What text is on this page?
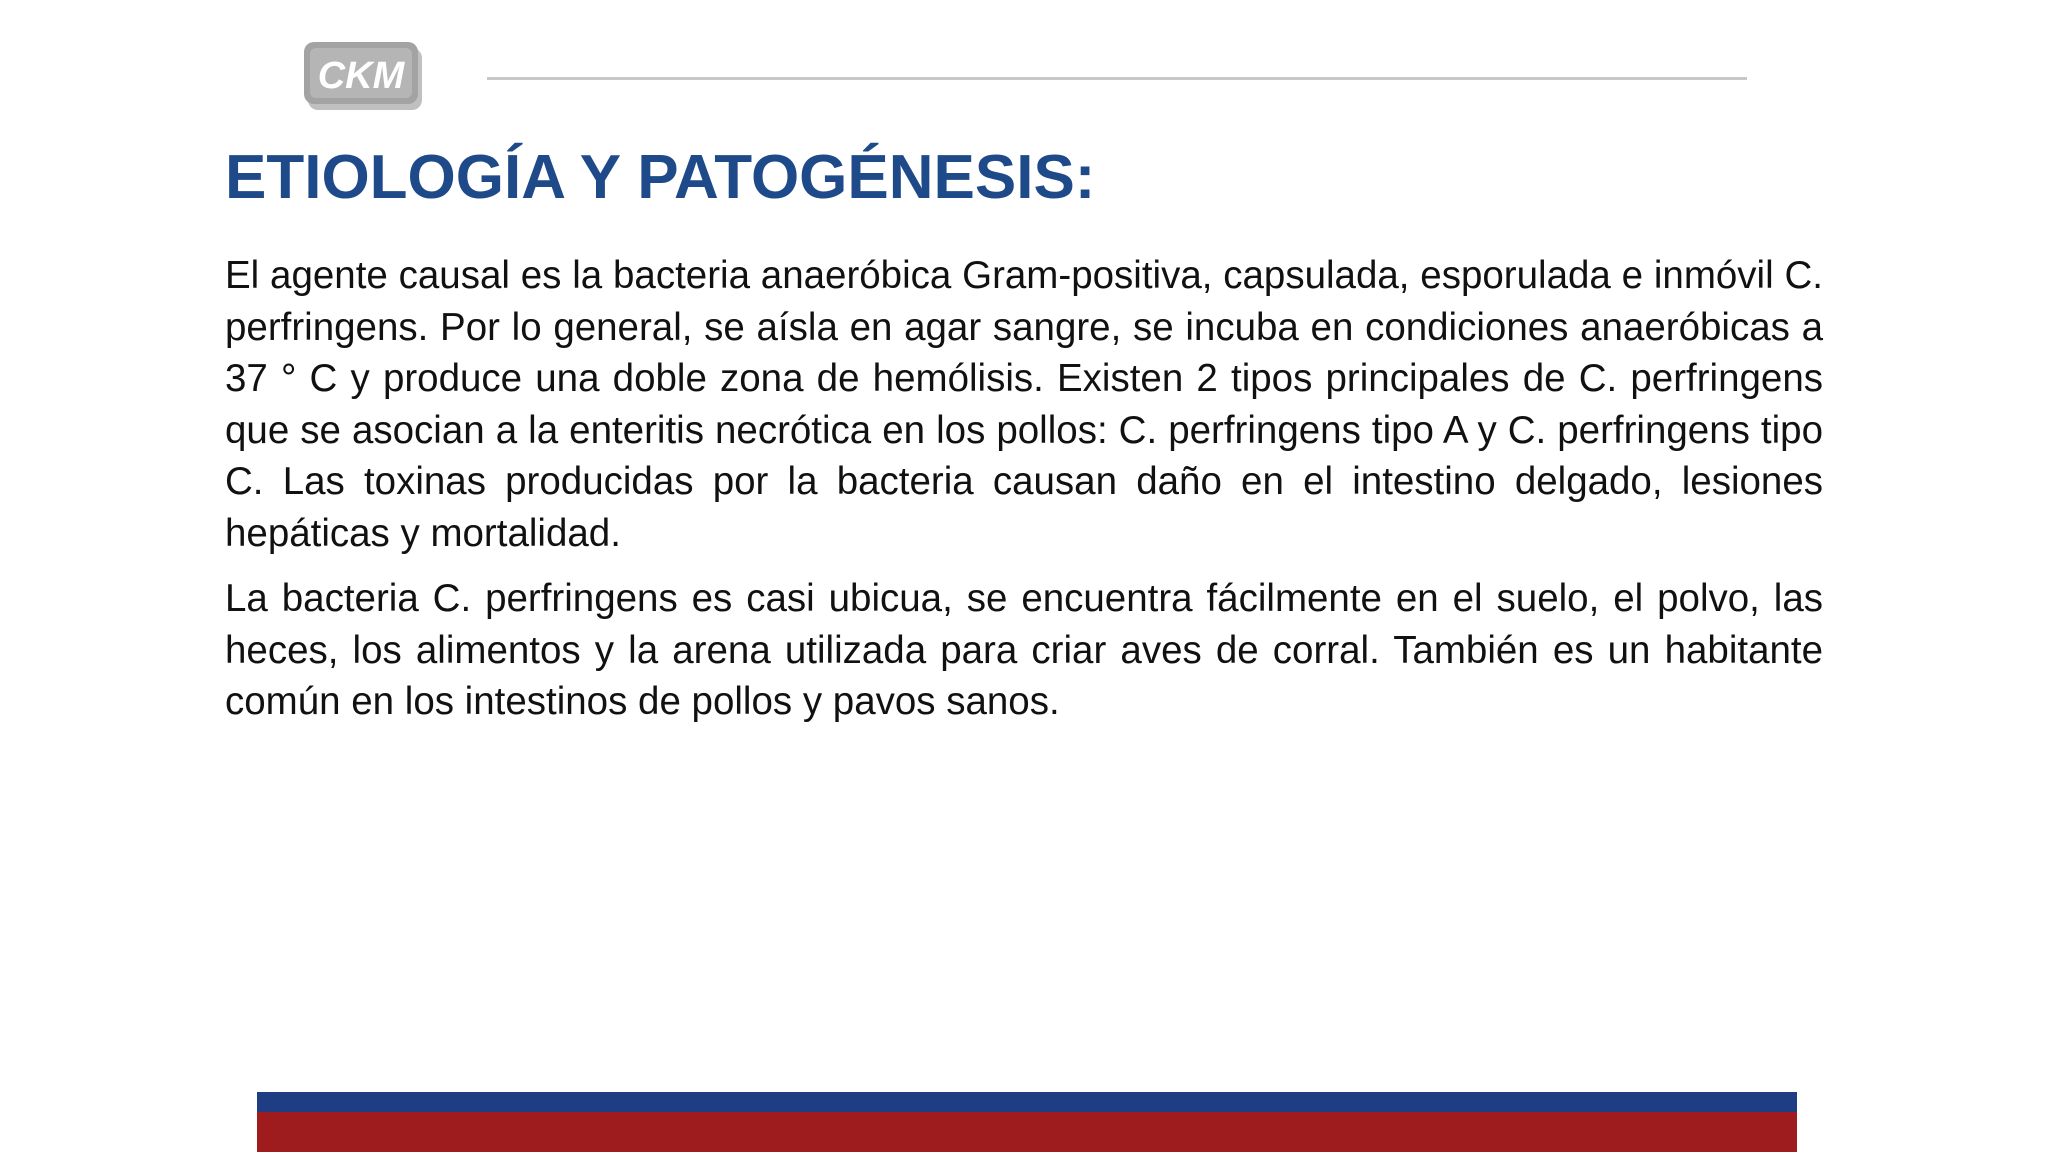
CKM
ETIOLOGÍA Y PATOGÉNESIS:

El agente causal es la bacteria anaeróbica Gram-positiva, capsulada, esporulada e inmóvil C. perfringens. Por lo general, se aísla en agar sangre, se incuba en condiciones anaeróbicas a 37 ° C y produce una doble zona de hemólisis. Existen 2 tipos principales de C. perfringens que se asocian a la enteritis necrótica en los pollos: C. perfringens tipo A y C. perfringens tipo C. Las toxinas producidas por la bacteria causan daño en el intestino delgado, lesiones hepáticas y mortalidad.

La bacteria C. perfringens es casi ubicua, se encuentra fácilmente en el suelo, el polvo, las heces, los alimentos y la arena utilizada para criar aves de corral. También es un habitante común en los intestinos de pollos y pavos sanos.
